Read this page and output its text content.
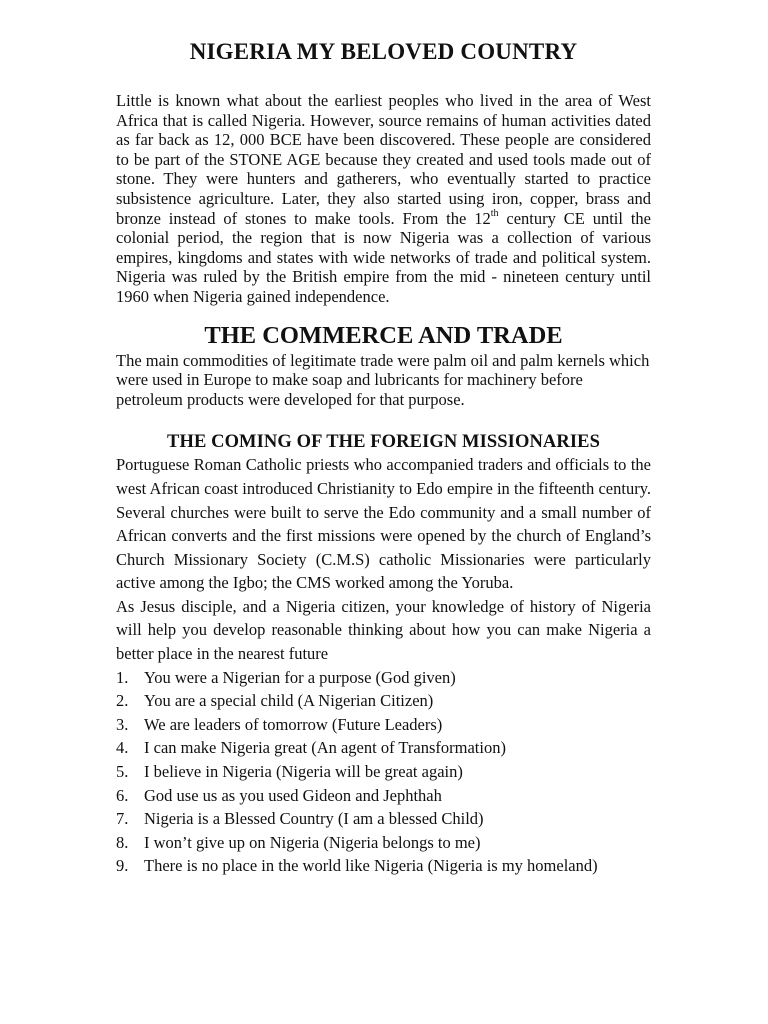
NIGERIA MY BELOVED COUNTRY

Little is known what about the earliest peoples who lived in the area of West Africa that is called Nigeria. However, source remains of human activities dated as far back as 12, 000 BCE have been discovered. These people are considered to be part of the STONE AGE because they created and used tools made out of stone. They were hunters and gatherers, who eventually started to practice subsistence agriculture. Later, they also started using iron, copper, brass and bronze instead of stones to make tools. From the 12th century CE until the colonial period, the region that is now Nigeria was a collection of various empires, kingdoms and states with wide networks of trade and political system. Nigeria was ruled by the British empire from the mid - nineteen century until 1960 when Nigeria gained independence.

THE COMMERCE AND TRADE

The main commodities of legitimate trade were palm oil and palm kernels which were used in Europe to make soap and lubricants for machinery before petroleum products were developed for that purpose.

THE COMING OF THE FOREIGN MISSIONARIES

Portuguese Roman Catholic priests who accompanied traders and officials to the west African coast introduced Christianity to Edo empire in the fifteenth century. Several churches were built to serve the Edo community and a small number of African converts and the first missions were opened by the church of England’s Church Missionary Society (C.M.S) catholic Missionaries were particularly active among the Igbo; the CMS worked among the Yoruba.

As Jesus disciple, and a Nigeria citizen, your knowledge of history of Nigeria will help you develop reasonable thinking about how you can make Nigeria a better place in the nearest future

1. You were a Nigerian for a purpose (God given)
2. You are a special child (A Nigerian Citizen)
3. We are leaders of tomorrow (Future Leaders)
4. I can make Nigeria great (An agent of Transformation)
5. I believe in Nigeria (Nigeria will be great again)
6. God use us as you used Gideon and Jephthah
7. Nigeria is a Blessed Country (I am a blessed Child)
8. I won’t give up on Nigeria (Nigeria belongs to me)
9. There is no place in the world like Nigeria (Nigeria is my homeland)
